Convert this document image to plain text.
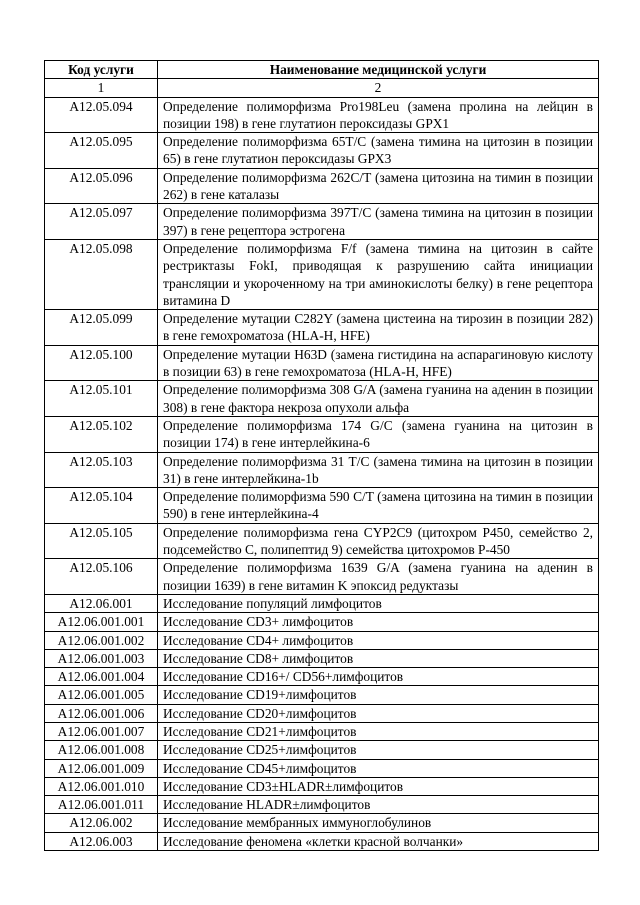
Код услуги	Наименование медицинской услуги
1	2
A12.05.094	Определение полиморфизма Pro198Leu (замена пролина на лейцин в позиции 198) в гене глутатион пероксидазы GPX1
A12.05.095	Определение полиморфизма 65T/C (замена тимина на цитозин в позиции 65) в гене глутатион пероксидазы GPX3
A12.05.096	Определение полиморфизма 262C/T (замена цитозина на тимин в позиции 262) в гене каталазы
A12.05.097	Определение полиморфизма 397T/C (замена тимина на цитозин в позиции 397) в гене рецептора эстрогена
A12.05.098	Определение полиморфизма F/f (замена тимина на цитозин в сайте рестриктазы FokI, приводящая к разрушению сайта инициации трансляции и укороченному на три аминокислоты белку) в гене рецептора витамина D
A12.05.099	Определение мутации C282Y (замена цистеина на тирозин в позиции 282) в гене гемохроматоза (HLA-H, HFE)
A12.05.100	Определение мутации H63D (замена гистидина на аспарагиновую кислоту в позиции 63) в гене гемохроматоза (HLA-H, HFE)
A12.05.101	Определение полиморфизма 308 G/A (замена гуанина на аденин в позиции 308) в гене фактора некроза опухоли альфа
A12.05.102	Определение полиморфизма 174 G/C (замена гуанина на цитозин в позиции 174) в гене интерлейкина-6
A12.05.103	Определение полиморфизма 31 T/C (замена тимина на цитозин в позиции 31) в гене интерлейкина-1b
A12.05.104	Определение полиморфизма 590 C/T (замена цитозина на тимин в позиции 590) в гене интерлейкина-4
A12.05.105	Определение полиморфизма гена CYP2C9 (цитохром P450, семейство 2, подсемейство C, полипептид 9) семейства цитохромов P-450
A12.05.106	Определение полиморфизма 1639 G/A (замена гуанина на аденин в позиции 1639) в гене витамин K эпоксид редуктазы
A12.06.001	Исследование популяций лимфоцитов
A12.06.001.001	Исследование CD3+ лимфоцитов
A12.06.001.002	Исследование CD4+ лимфоцитов
A12.06.001.003	Исследование CD8+ лимфоцитов
A12.06.001.004	Исследование CD16+/ CD56+лимфоцитов
A12.06.001.005	Исследование CD19+лимфоцитов
A12.06.001.006	Исследование CD20+лимфоцитов
A12.06.001.007	Исследование CD21+лимфоцитов
A12.06.001.008	Исследование CD25+лимфоцитов
A12.06.001.009	Исследование CD45+лимфоцитов
A12.06.001.010	Исследование CD3±HLADR±лимфоцитов
A12.06.001.011	Исследование HLADR±лимфоцитов
A12.06.002	Исследование мембранных иммуноглобулинов
A12.06.003	Исследование феномена «клетки красной волчанки»
